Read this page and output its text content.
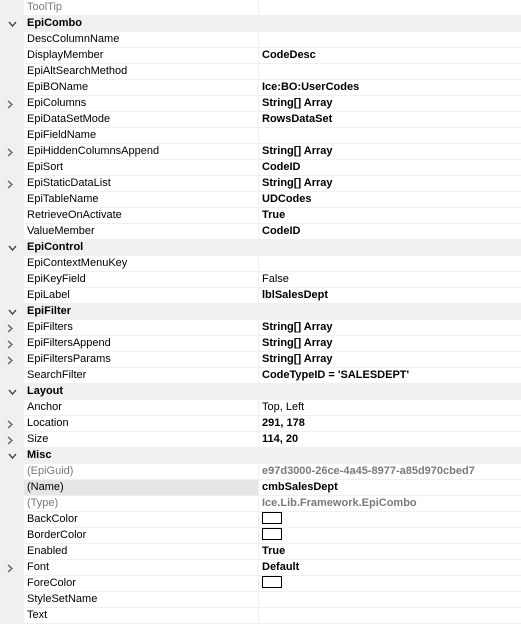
ToolTip
EpiCombo
DescColumnName
DisplayMember	CodeDesc
EpiAltSearchMethod
EpiBOName	Ice:BO:UserCodes
EpiColumns	String[] Array
EpiDataSetMode	RowsDataSet
EpiFieldName
EpiHiddenColumnsAppend	String[] Array
EpiSort	CodeID
EpiStaticDataList	String[] Array
EpiTableName	UDCodes
RetrieveOnActivate	True
ValueMember	CodeID
EpiControl
EpiContextMenuKey
EpiKeyField	False
EpiLabel	lblSalesDept
EpiFilter
EpiFilters	String[] Array
EpiFiltersAppend	String[] Array
EpiFiltersParams	String[] Array
SearchFilter	CodeTypeID = 'SALESDEPT'
Layout
Anchor	Top, Left
Location	291, 178
Size	114, 20
Misc
(EpiGuid)	e97d3000-26ce-4a45-8977-a85d970cbed7
(Name)	cmbSalesDept
(Type)	Ice.Lib.Framework.EpiCombo
BackColor
BorderColor
Enabled	True
Font	Default
ForeColor
StyleSetName
Text
